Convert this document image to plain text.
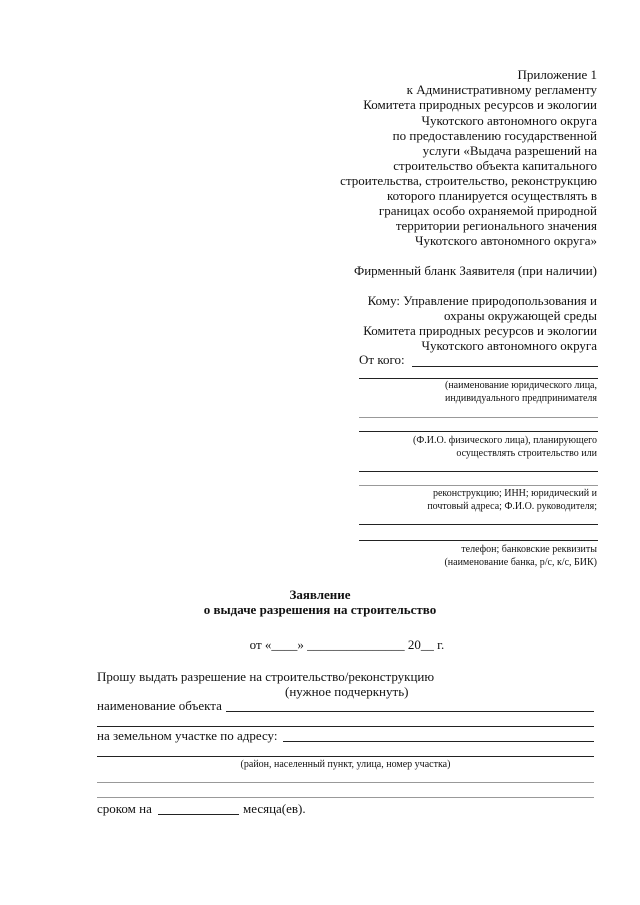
Приложение 1
к Административному регламенту
Комитета природных ресурсов и экологии
Чукотского автономного округа
по предоставлению государственной
услуги «Выдача разрешений на
строительство объекта капитального
строительства, строительство, реконструкцию
которого планируется осуществлять в
границах особо охраняемой природной
территории регионального значения
Чукотского автономного округа»
Фирменный бланк Заявителя (при наличии)
Кому: Управление природопользования и
охраны окружающей среды
Комитета природных ресурсов и экологии
Чукотского автономного округа
От кого:
(наименование юридического лица,
индивидуального предпринимателя
(Ф.И.О. физического лица), планирующего
осуществлять строительство или
реконструкцию; ИНН; юридический и
почтовый адреса; Ф.И.О. руководителя;
телефон; банковские реквизиты
(наименование банка, р/с, к/с, БИК)
Заявление
о выдаче разрешения на строительство
от «____» _______________ 20__ г.
Прошу выдать разрешение на строительство/реконструкцию
(нужное подчеркнуть)
наименование объекта
на земельном участке по адресу:
(район, населенный пункт, улица, номер участка)
сроком на	месяца(ев).
